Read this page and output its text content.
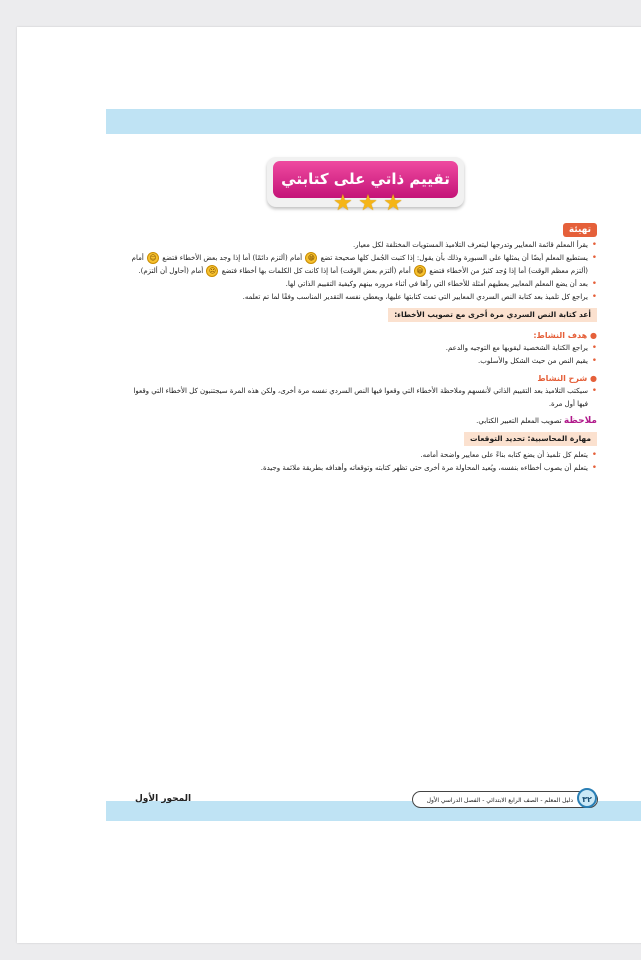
تقييم ذاتي على كتابتي
★ ★ ★
تهيئة
• يقرأ المعلم قائمة المعايير وتدرجها ليتعرف التلاميذ المستويات المختلفة لكل معيار.
• يستطيع المعلم أيضًا أن يمثلها على السبورة وذلك بأن يقول: إذا كتبت الجُمل كلها صحيحة تضع 😁 أمام (ألتزم دائمًا) أما إذا وجد بعض الأخطاء فتضع ☺ أمام (ألتزم معظم الوقت) أما إذا وُجد كثيرٌ من الأخطاء فتضع 😀 أمام (ألتزم بعض الوقت) أما إذا كانت كل الكلمات بها أخطاء فتضع ☹ أمام (أحاول أن ألتزم).
• بعد أن يضع المعلم المعايير يعطيهم أمثلة للأخطاء التي رآها في أثناء مروره بينهم وكيفية التقييم الذاتي لها.
• يراجع كل تلميذ بعد كتابة النص السردي المعايير التي تمت كتابتها عليها، ويعطي نفسه التقدير المناسب وفقًا لما تم تعلمه.
أعد كتابة النص السردي مرة أخرى مع تصويب الأخطاء:
● هدف النشاط:
• يراجع الكتابة الشخصية ليقويها مع التوجيه والدعم.
• يقيم النص من حيث الشكل والأسلوب.
● شرح النشاط
• سيكتب التلاميذ بعد التقييم الذاتي لأنفسهم وملاحظة الأخطاء التي وقعوا فيها النص السردي نفسه مرة أخرى، ولكن هذه المرة سيجتنبون كل الأخطاء التي وقعوا فيها أول مرة.
ملاحظة تصويب المعلم التعبير الكتابي.
مهارة المحاسبية: تحديد التوقعات
• يتعلم كل تلميذ أن يضع كتابه بناءً على معايير واضحة أمامه.
• يتعلم أن يصوب أخطاءه بنفسه، ويُعيد المحاولة مرة أخرى حتى تظهر كتابته وتوقعاته وأهدافه بطريقة ملائمة وجيدة.
المحور الأول	دليل المعلم - الصف الرابع الابتدائي - الفصل الدراسي الأول	٣٢
